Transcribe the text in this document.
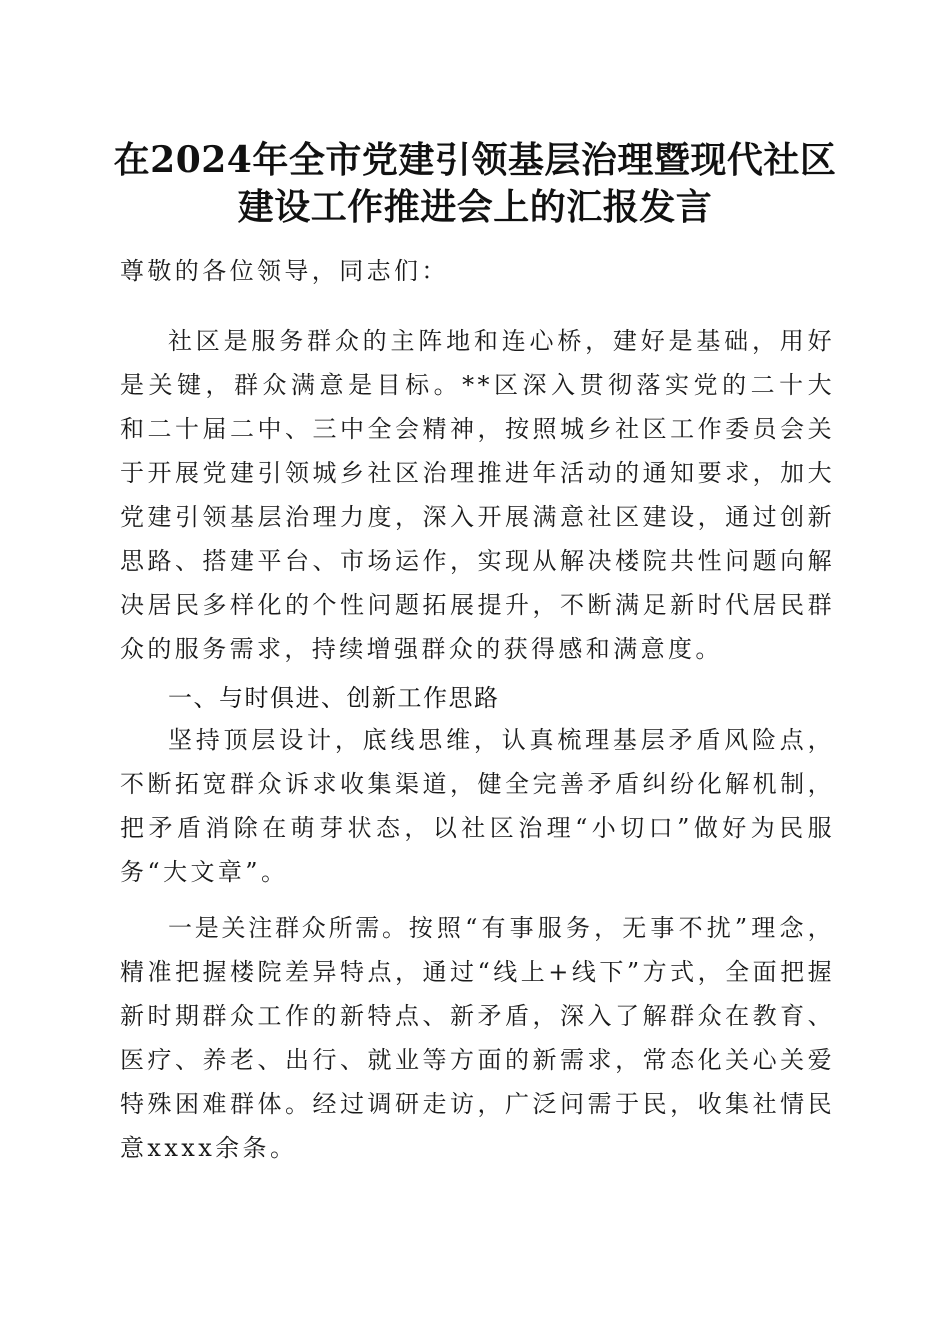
在2024年全市党建引领基层治理暨现代社区
建设工作推进会上的汇报发言
尊敬的各位领导，同志们：

社区是服务群众的主阵地和连心桥，建好是基础，用好是关键，群众满意是目标。**区深入贯彻落实党的二十大和二十届二中、三中全会精神，按照城乡社区工作委员会关于开展党建引领城乡社区治理推进年活动的通知要求，加大党建引领基层治理力度，深入开展满意社区建设，通过创新思路、搭建平台、市场运作，实现从解决楼院共性问题向解决居民多样化的个性问题拓展提升，不断满足新时代居民群众的服务需求，持续增强群众的获得感和满意度。

一、与时俱进、创新工作思路

坚持顶层设计，底线思维，认真梳理基层矛盾风险点，不断拓宽群众诉求收集渠道，健全完善矛盾纠纷化解机制，把矛盾消除在萌芽状态，以社区治理“小切口”做好为民服务“大文章”。

一是关注群众所需。按照“有事服务，无事不扰”理念，精准把握楼院差异特点，通过“线上+线下”方式，全面把握新时期群众工作的新特点、新矛盾，深入了解群众在教育、医疗、养老、出行、就业等方面的新需求，常态化关心关爱特殊困难群体。经过调研走访，广泛问需于民，收集社情民意xxxx余条。
